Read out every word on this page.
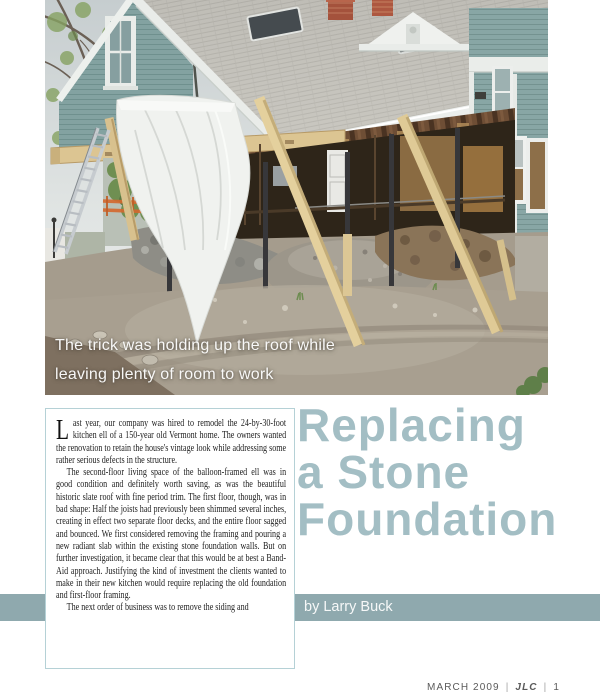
The trick was holding up the roof while
leaving plenty of room to work
by Larry Buck

Last year, our company was hired to remodel the 24-by-30-foot kitchen ell of a 150-year old Vermont home. The owners wanted the renovation to retain the house's vintage look while addressing some rather serious defects in the structure.

The second-floor living space of the balloon-framed ell was in good condition and definitely worth saving, as was the beautiful historic slate roof with fine period trim. The first floor, though, was in bad shape: Half the joists had previously been shimmed several inches, creating in effect two separate floor decks, and the entire floor sagged and bounced. We first considered removing the framing and pouring a new radiant slab within the existing stone foundation walls. But on further investigation, it became clear that this would be at best a Band-Aid approach. Justifying the kind of investment the clients wanted to make in their new kitchen would require replacing the old foundation and first-floor framing.

The next order of business was to remove the siding and

Replacing
a Stone
Foundation
MARCH 2009 | JLC | 1
